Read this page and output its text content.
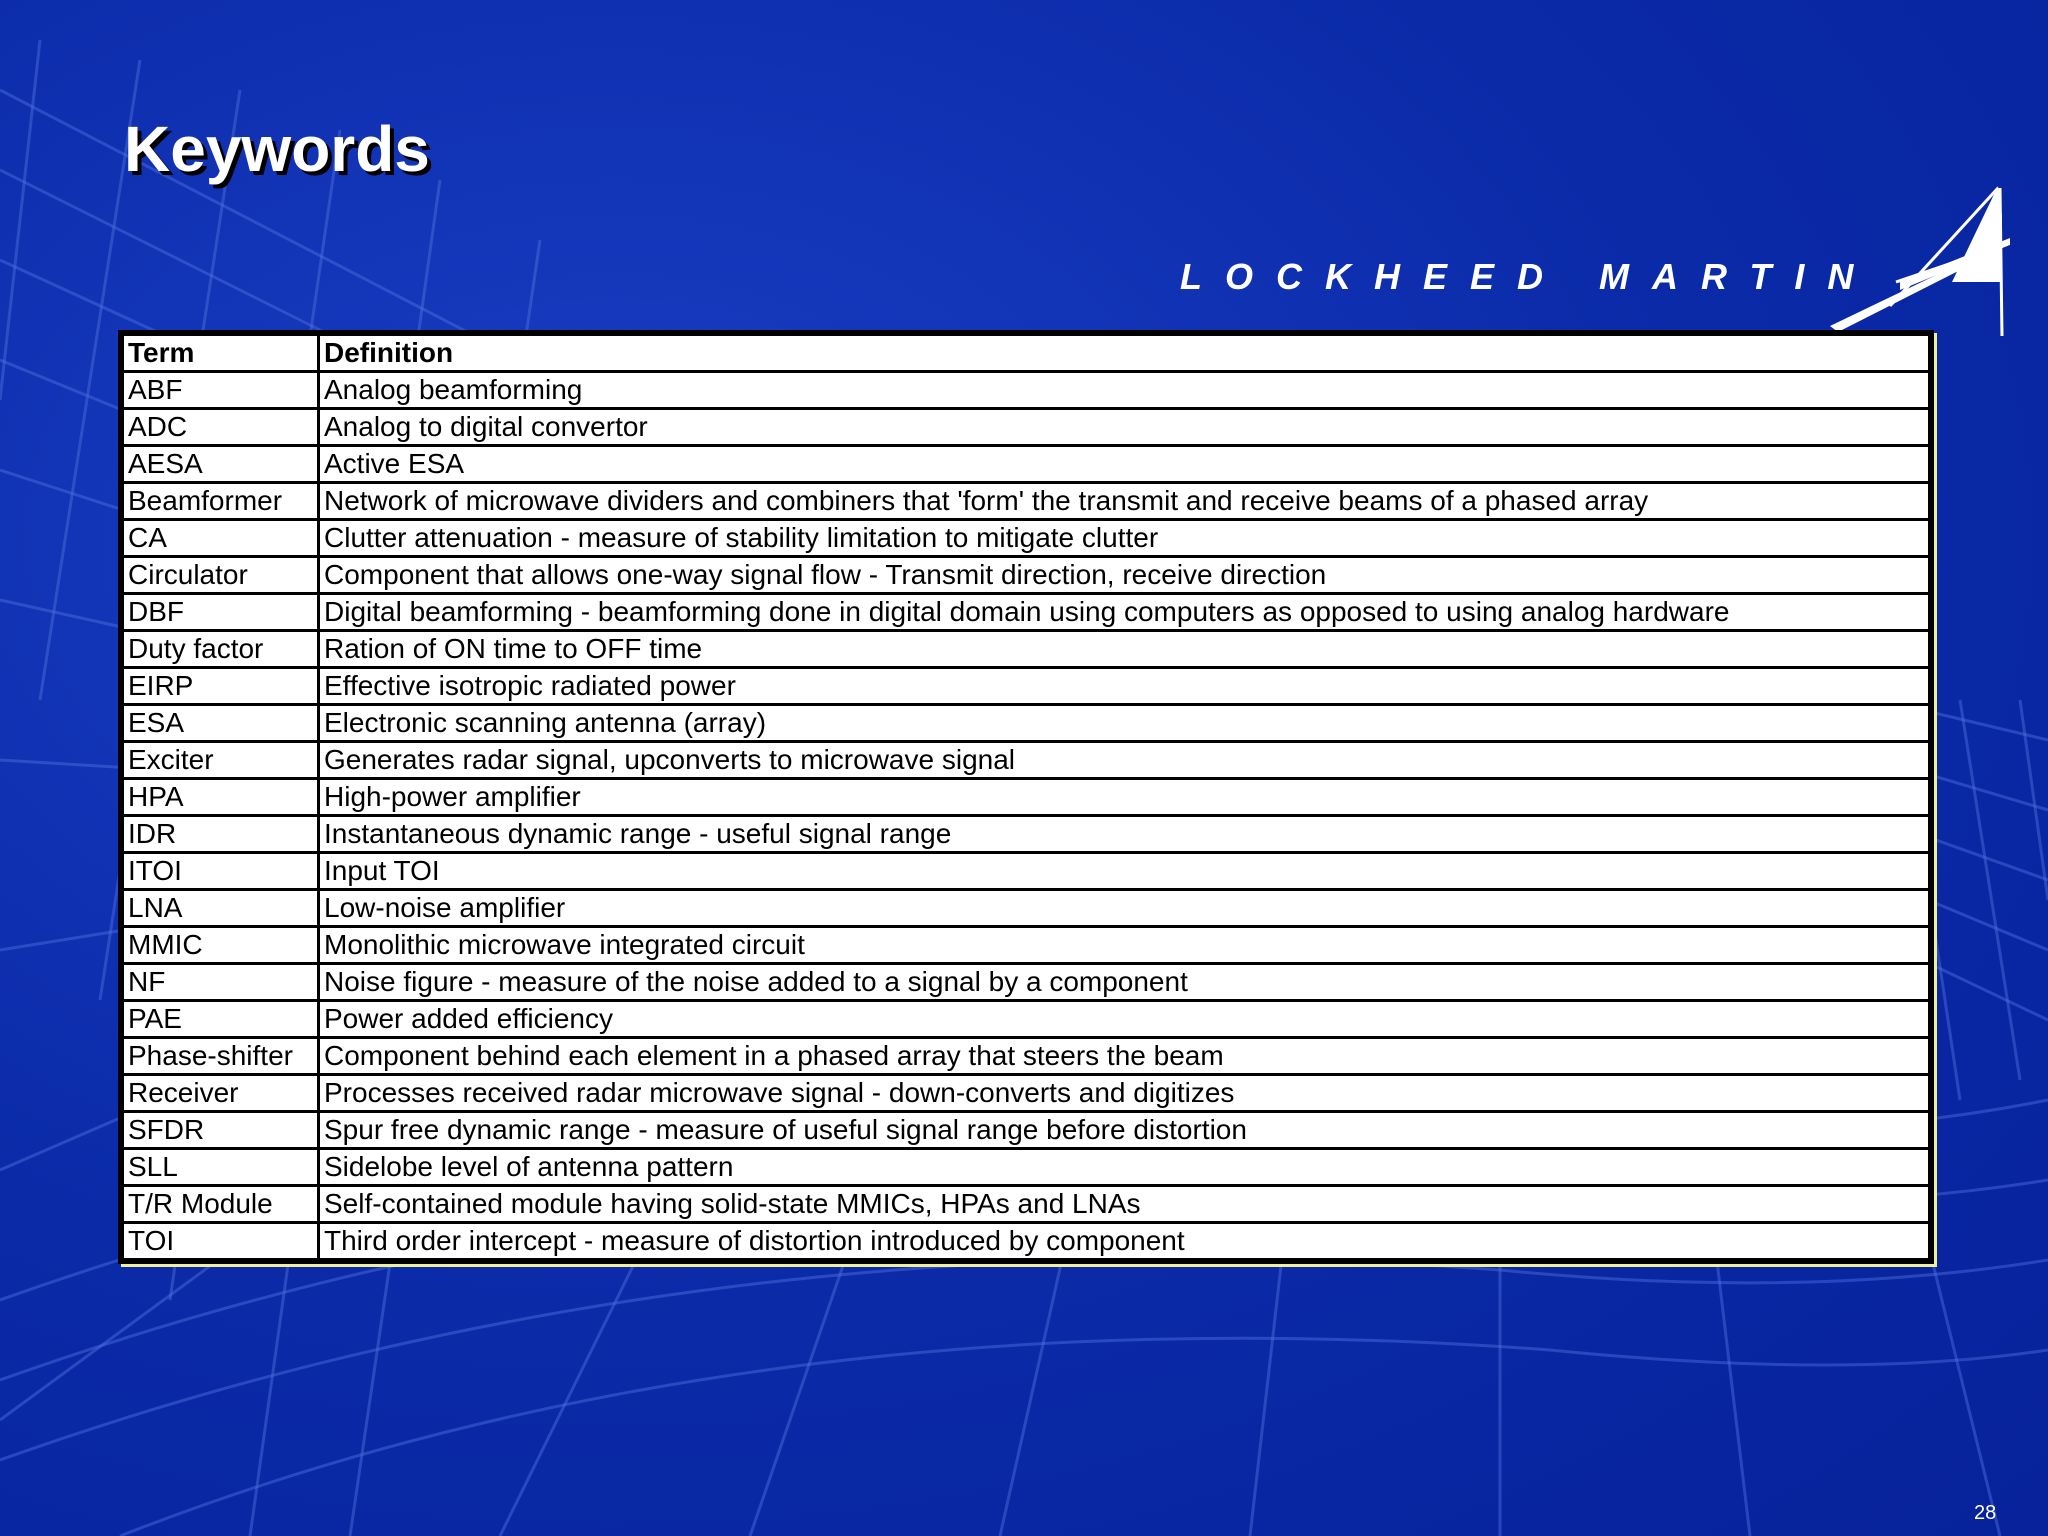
Keywords
LOCKHEED MARTIN
Term	Definition
ABF	Analog beamforming
ADC	Analog to digital convertor
AESA	Active ESA
Beamformer	Network of microwave dividers and combiners that 'form' the transmit and receive beams of a phased array
CA	Clutter attenuation - measure of stability limitation to mitigate clutter
Circulator	Component that allows one-way signal flow - Transmit direction, receive direction
DBF	Digital beamforming - beamforming done in digital domain using computers as opposed to using analog hardware
Duty factor	Ration of ON time to OFF time
EIRP	Effective isotropic radiated power
ESA	Electronic scanning antenna (array)
Exciter	Generates radar signal, upconverts to microwave signal
HPA	High-power amplifier
IDR	Instantaneous dynamic range - useful signal range
ITOI	Input TOI
LNA	Low-noise amplifier
MMIC	Monolithic microwave integrated circuit
NF	Noise figure - measure of the noise added to a signal by a component
PAE	Power added efficiency
Phase-shifter	Component behind each element in a phased array that steers the beam
Receiver	Processes received radar microwave signal - down-converts and digitizes
SFDR	Spur free dynamic range - measure of useful signal range before distortion
SLL	Sidelobe level of antenna pattern
T/R Module	Self-contained module having solid-state MMICs, HPAs and LNAs
TOI	Third order intercept - measure of distortion introduced by component
28
